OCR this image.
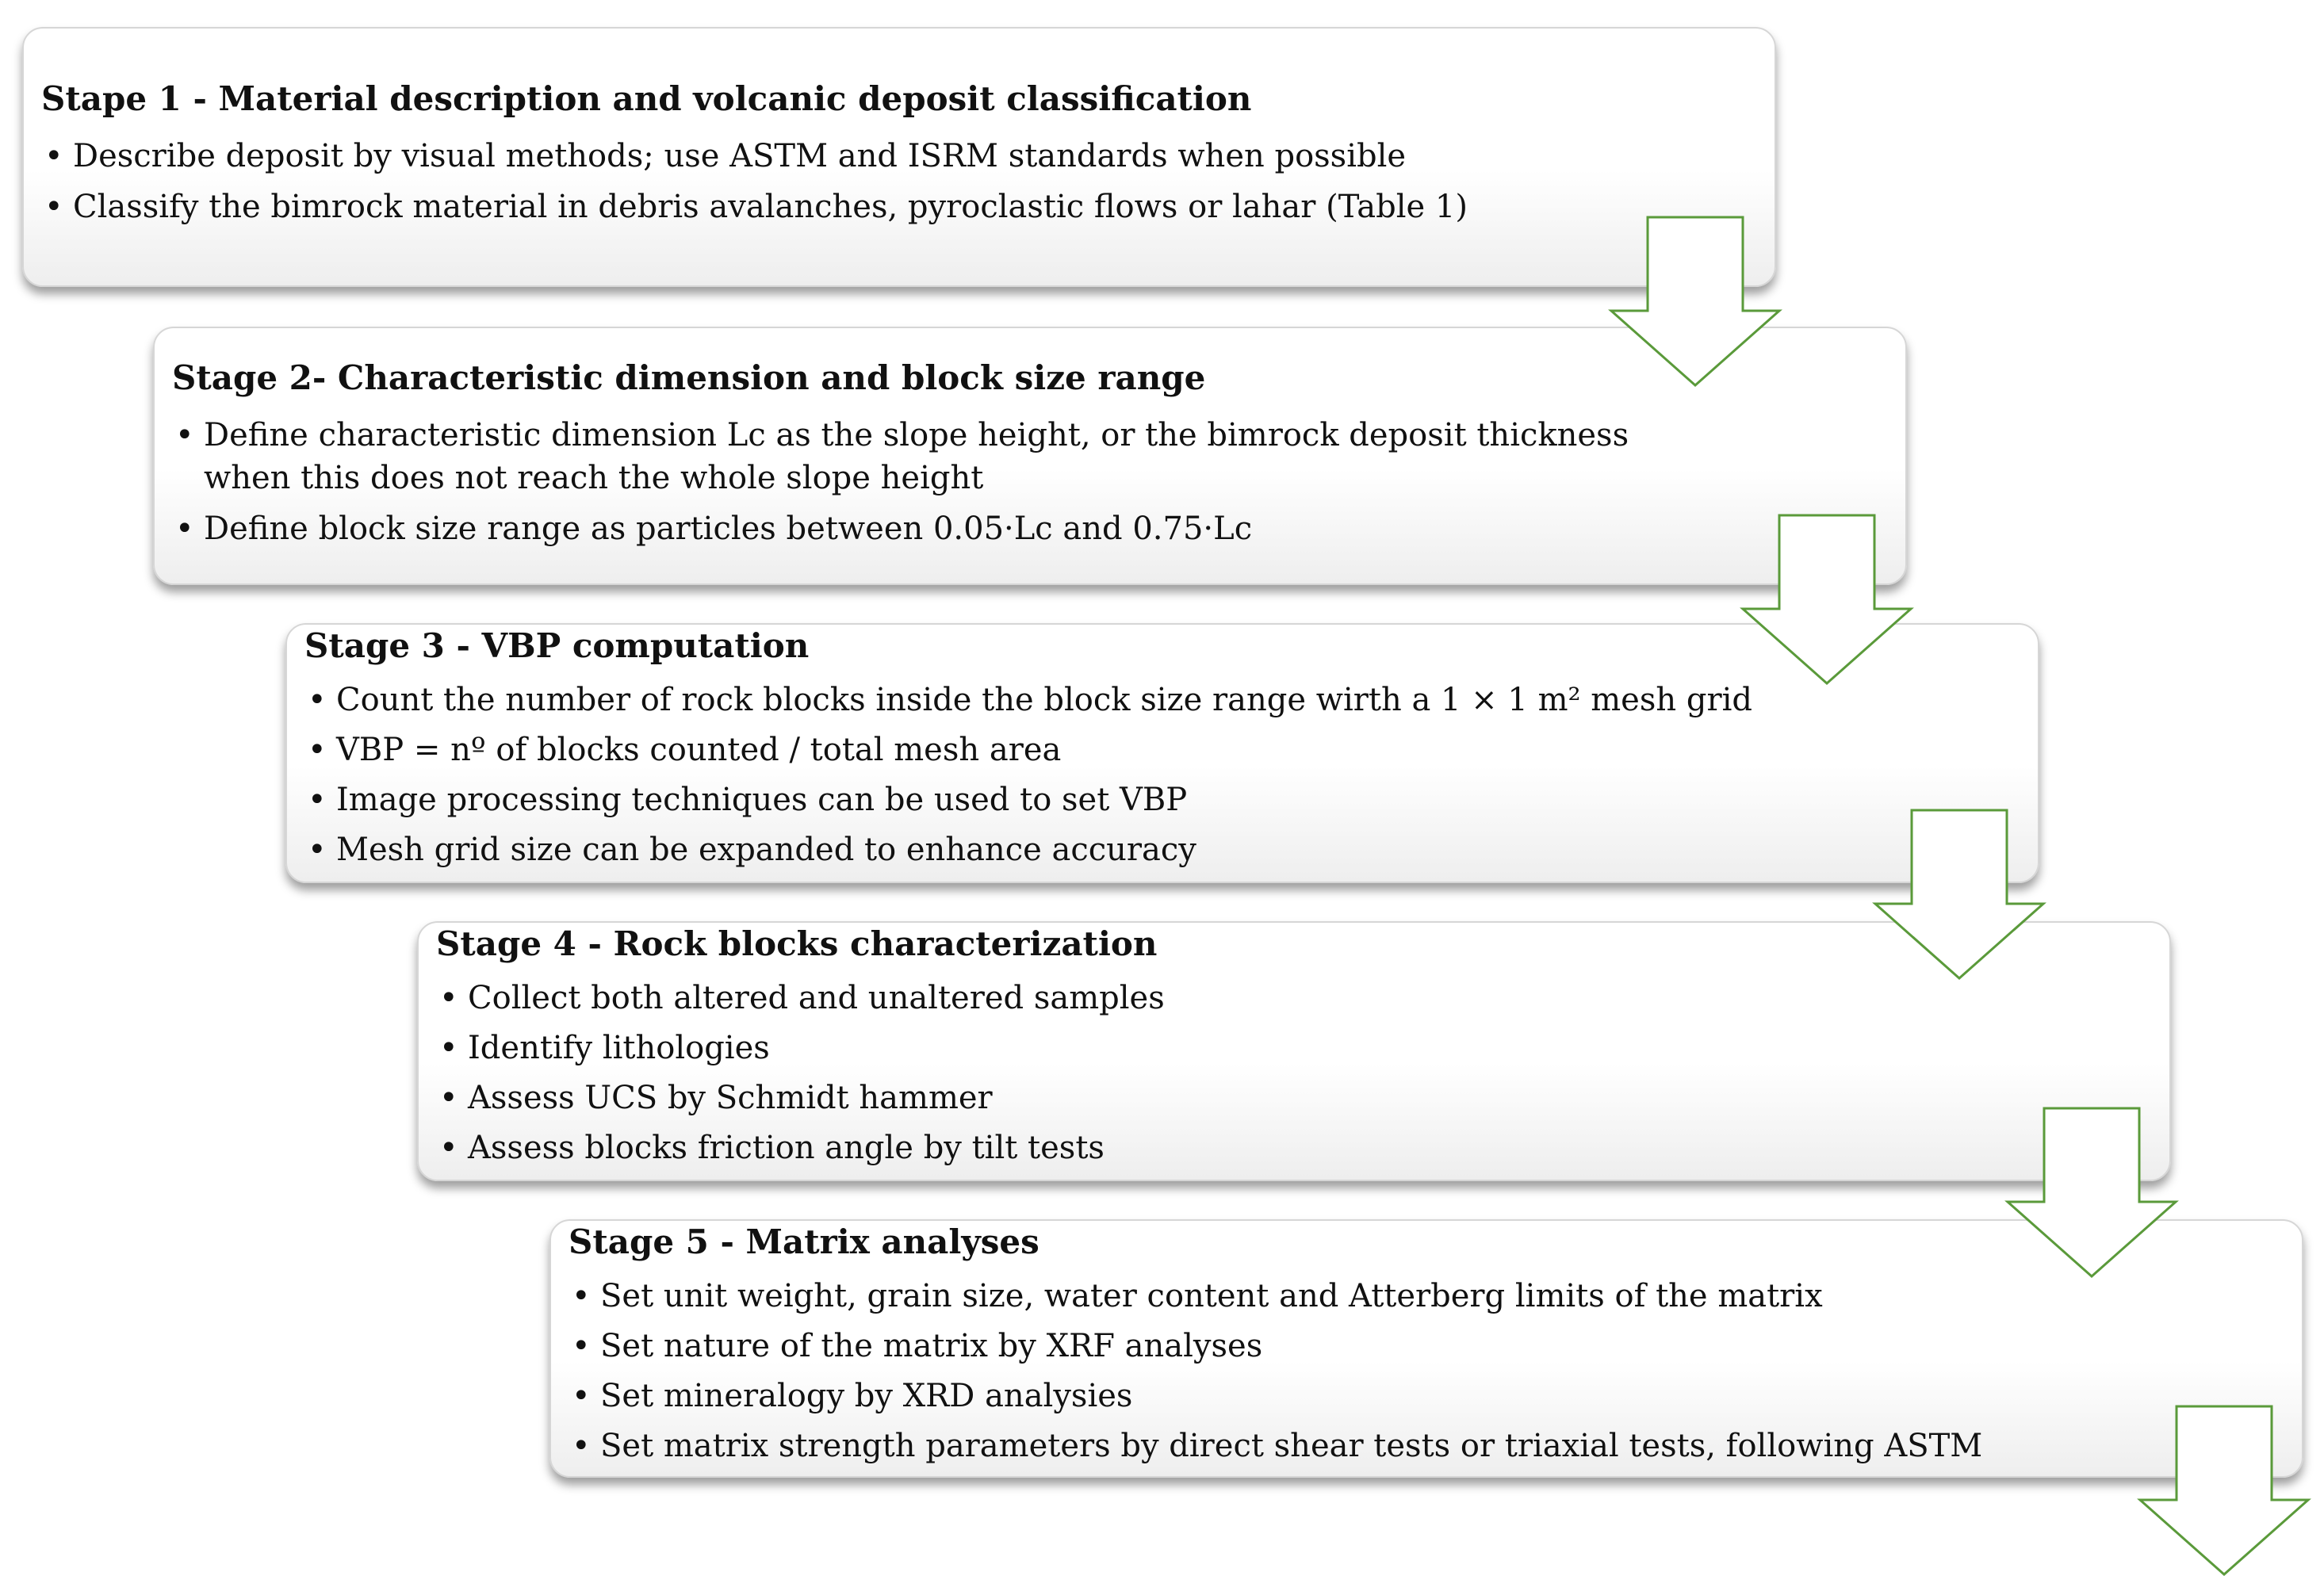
Stape 1 - Material description and volcanic deposit classification
• Describe deposit by visual methods; use ASTM and ISRM standards when possible
• Classify the bimrock material in debris avalanches, pyroclastic flows or lahar (Table 1)
Stage 2- Characteristic dimension and block size range
• Define characteristic dimension Lc as the slope height, or the bimrock deposit thickness
when this does not reach the whole slope height
• Define block size range as particles between 0.05·Lc and 0.75·Lc
Stage 3 - VBP computation
• Count the number of rock blocks inside the block size range wirth a 1 × 1 m² mesh grid
• VBP = nº of blocks counted / total mesh area
• Image processing techniques can be used to set VBP
• Mesh grid size can be expanded to enhance accuracy
Stage 4 - Rock blocks characterization
• Collect both altered and unaltered samples
• Identify lithologies
• Assess UCS by Schmidt hammer
• Assess blocks friction angle by tilt tests
Stage 5 - Matrix analyses
• Set unit weight, grain size, water content and Atterberg limits of the matrix
• Set nature of the matrix by XRF analyses
• Set mineralogy by XRD analysies
• Set matrix strength parameters by direct shear tests or triaxial tests, following ASTM
